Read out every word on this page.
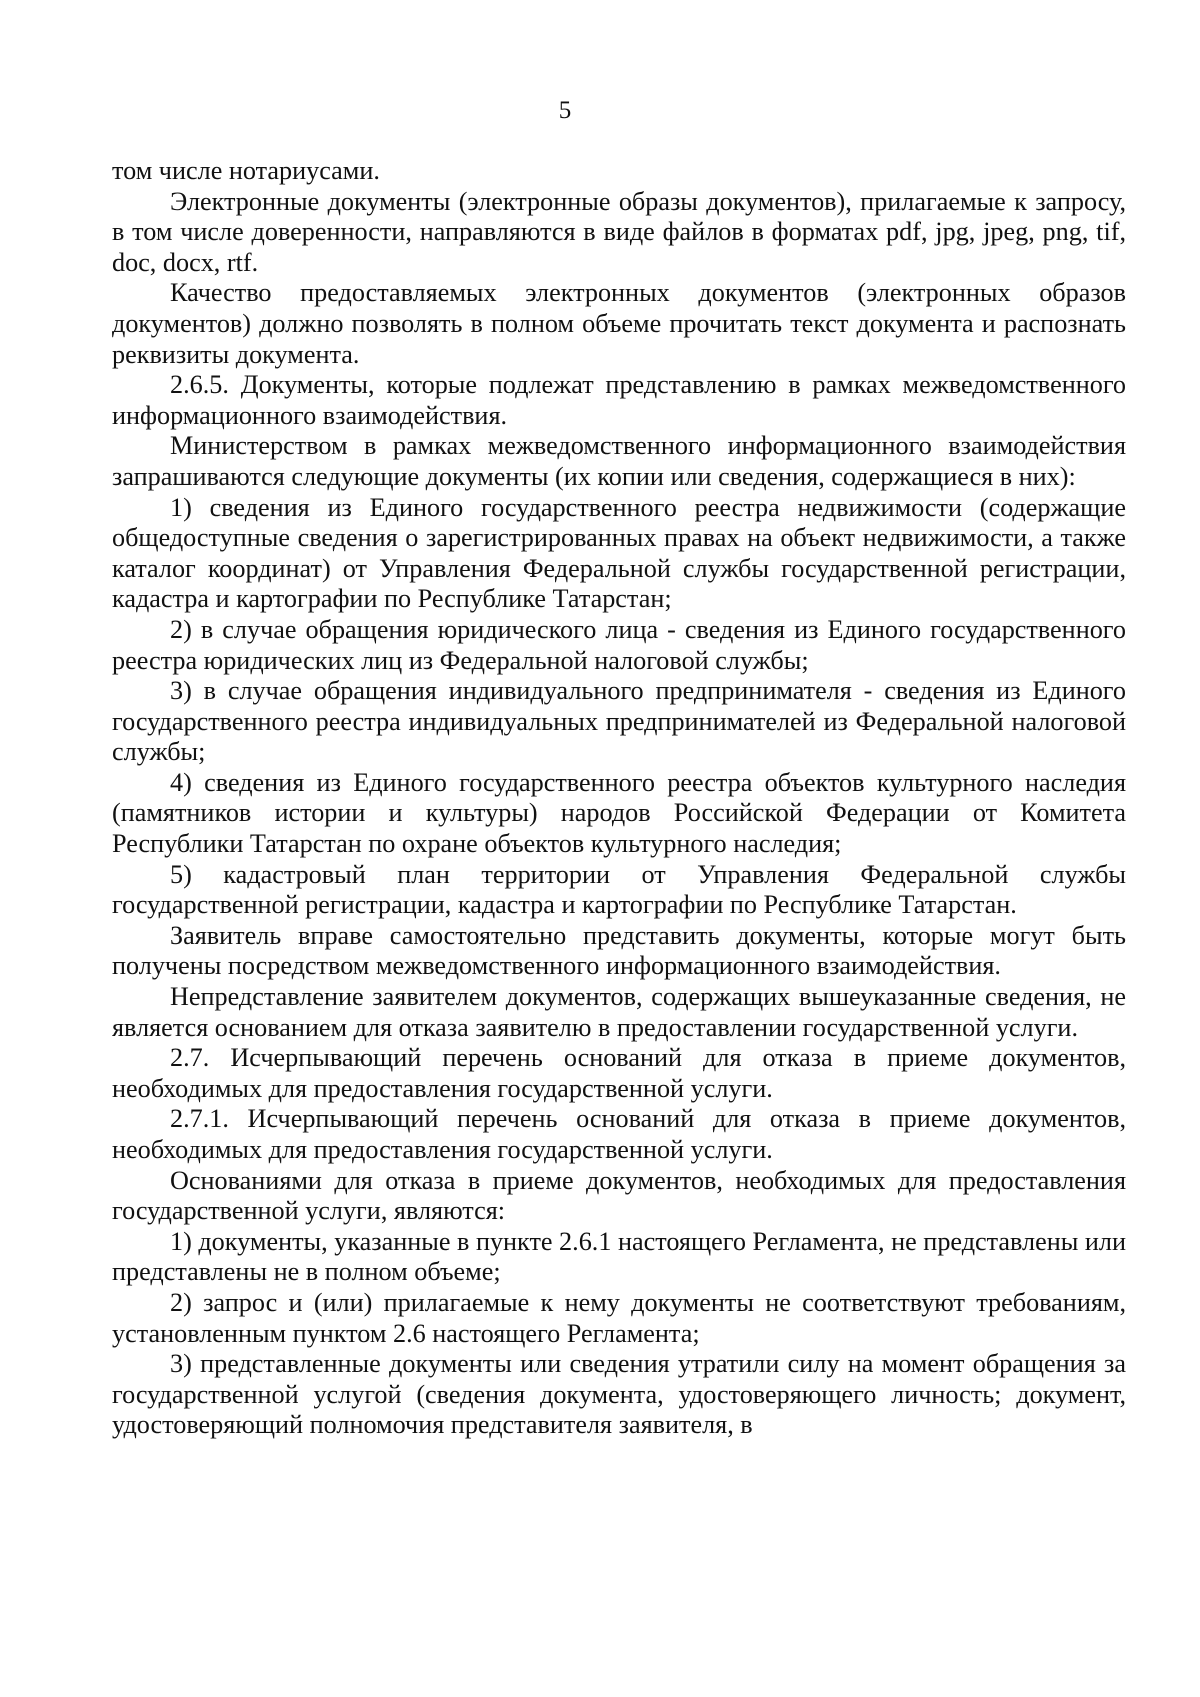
5

том числе нотариусами.

Электронные документы (электронные образы документов), прилагаемые к запросу, в том числе доверенности, направляются в виде файлов в форматах pdf, jpg, jpeg, png, tif, doc, docx, rtf.

Качество предоставляемых электронных документов (электронных образов документов) должно позволять в полном объеме прочитать текст документа и распознать реквизиты документа.

2.6.5. Документы, которые подлежат представлению в рамках межведомственного информационного взаимодействия.

Министерством в рамках межведомственного информационного взаимодействия запрашиваются следующие документы (их копии или сведения, содержащиеся в них):

1) сведения из Единого государственного реестра недвижимости (содержащие общедоступные сведения о зарегистрированных правах на объект недвижимости, а также каталог координат) от Управления Федеральной службы государственной регистрации, кадастра и картографии по Республике Татарстан;

2) в случае обращения юридического лица - сведения из Единого государственного реестра юридических лиц из Федеральной налоговой службы;

3) в случае обращения индивидуального предпринимателя - сведения из Единого государственного реестра индивидуальных предпринимателей из Федеральной налоговой службы;

4) сведения из Единого государственного реестра объектов культурного наследия (памятников истории и культуры) народов Российской Федерации от Комитета Республики Татарстан по охране объектов культурного наследия;

5) кадастровый план территории от Управления Федеральной службы государственной регистрации, кадастра и картографии по Республике Татарстан.

Заявитель вправе самостоятельно представить документы, которые могут быть получены посредством межведомственного информационного взаимодействия.

Непредставление заявителем документов, содержащих вышеуказанные сведения, не является основанием для отказа заявителю в предоставлении государственной услуги.

2.7. Исчерпывающий перечень оснований для отказа в приеме документов, необходимых для предоставления государственной услуги.

2.7.1. Исчерпывающий перечень оснований для отказа в приеме документов, необходимых для предоставления государственной услуги.

Основаниями для отказа в приеме документов, необходимых для предоставления государственной услуги, являются:

1) документы, указанные в пункте 2.6.1 настоящего Регламента, не представлены или представлены не в полном объеме;

2) запрос и (или) прилагаемые к нему документы не соответствуют требованиям, установленным пунктом 2.6 настоящего Регламента;

3) представленные документы или сведения утратили силу на момент обращения за государственной услугой (сведения документа, удостоверяющего личность; документ, удостоверяющий полномочия представителя заявителя, в
